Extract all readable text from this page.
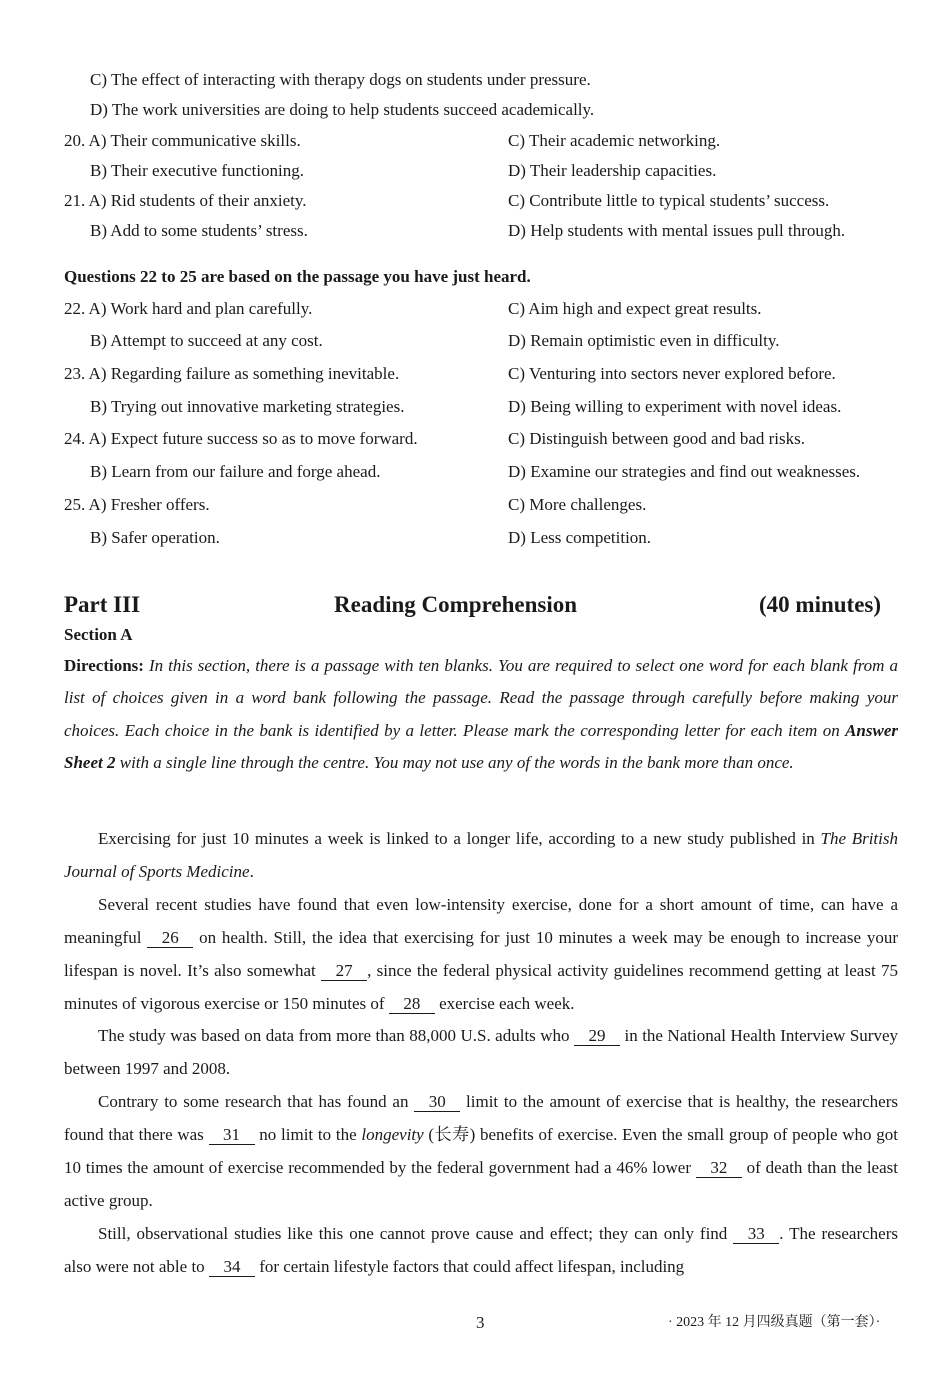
C) The effect of interacting with therapy dogs on students under pressure.
D) The work universities are doing to help students succeed academically.
20. A) Their communicative skills.	C) Their academic networking.
B) Their executive functioning.	D) Their leadership capacities.
21. A) Rid students of their anxiety.	C) Contribute little to typical students’ success.
B) Add to some students’ stress.	D) Help students with mental issues pull through.
Questions 22 to 25 are based on the passage you have just heard.
22. A) Work hard and plan carefully.	C) Aim high and expect great results.
B) Attempt to succeed at any cost.	D) Remain optimistic even in difficulty.
23. A) Regarding failure as something inevitable.	C) Venturing into sectors never explored before.
B) Trying out innovative marketing strategies.	D) Being willing to experiment with novel ideas.
24. A) Expect future success so as to move forward.	C) Distinguish between good and bad risks.
B) Learn from our failure and forge ahead.	D) Examine our strategies and find out weaknesses.
25. A) Fresher offers.	C) More challenges.
B) Safer operation.	D) Less competition.
Part III	Reading Comprehension	(40 minutes)
Section A
Directions: In this section, there is a passage with ten blanks. You are required to select one word for each blank from a list of choices given in a word bank following the passage. Read the passage through carefully before making your choices. Each choice in the bank is identified by a letter. Please mark the corresponding letter for each item on Answer Sheet 2 with a single line through the centre. You may not use any of the words in the bank more than once.

Exercising for just 10 minutes a week is linked to a longer life, according to a new study published in The British Journal of Sports Medicine.

Several recent studies have found that even low-intensity exercise, done for a short amount of time, can have a meaningful 26 on health. Still, the idea that exercising for just 10 minutes a week may be enough to increase your lifespan is novel. It’s also somewhat 27 , since the federal physical activity guidelines recommend getting at least 75 minutes of vigorous exercise or 150 minutes of 28 exercise each week.

The study was based on data from more than 88,000 U.S. adults who 29 in the National Health Interview Survey between 1997 and 2008.

Contrary to some research that has found an 30 limit to the amount of exercise that is healthy, the researchers found that there was 31 no limit to the longevity (长寿) benefits of exercise. Even the small group of people who got 10 times the amount of exercise recommended by the federal government had a 46% lower 32 of death than the least active group.

Still, observational studies like this one cannot prove cause and effect; they can only find 33 . The researchers also were not able to 34 for certain lifestyle factors that could affect lifespan, including

3	· 2023 年 12 月四级真题（第一套）·
